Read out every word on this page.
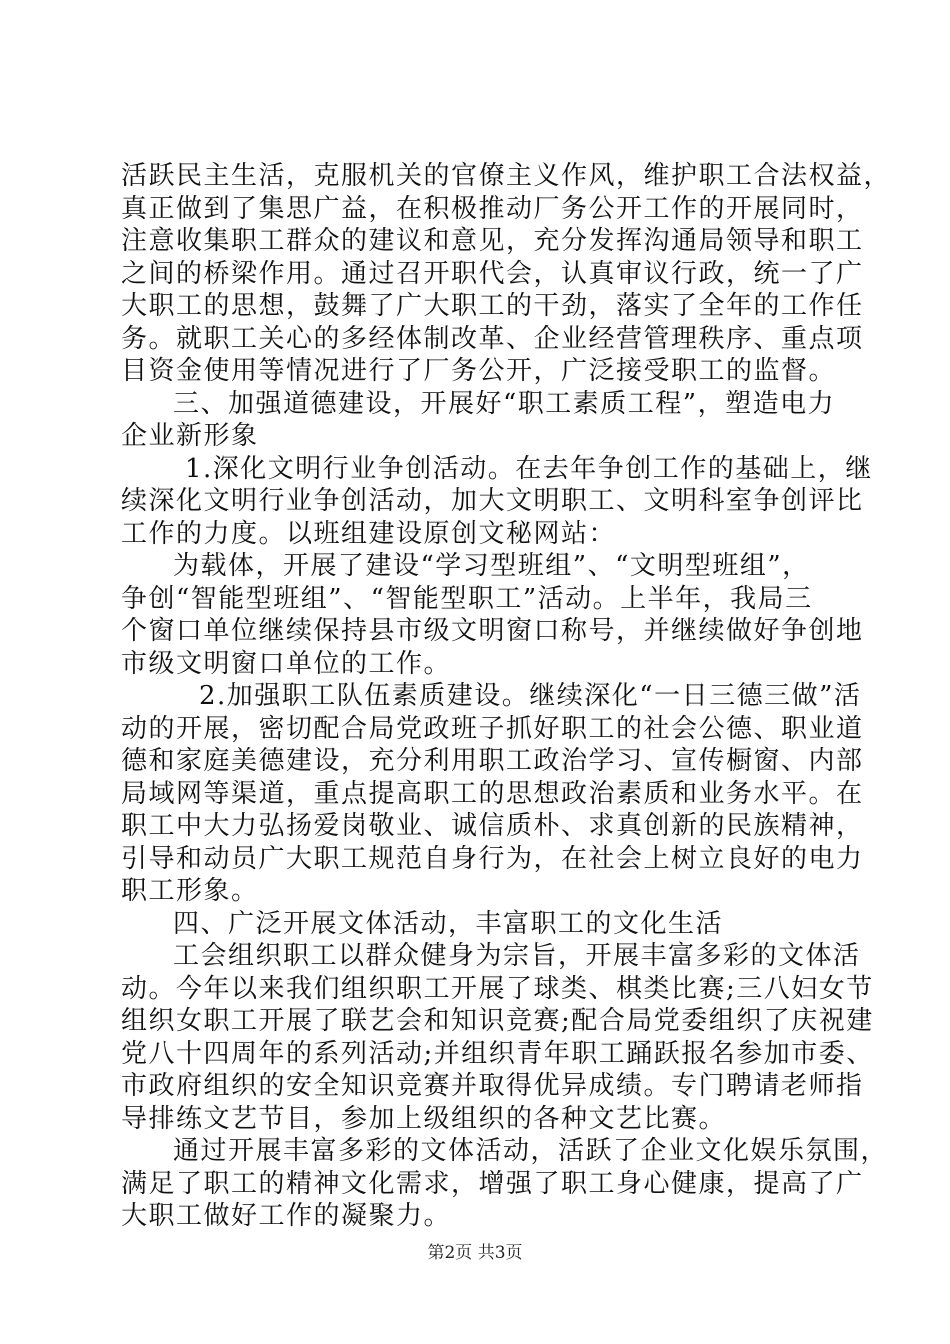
活跃民主生活，克服机关的官僚主义作风，维护职工合法权益，
真正做到了集思广益，在积极推动厂务公开工作的开展同时，
注意收集职工群众的建议和意见，充分发挥沟通局领导和职工
之间的桥梁作用。通过召开职代会，认真审议行政，统一了广
大职工的思想，鼓舞了广大职工的干劲，落实了全年的工作任
务。就职工关心的多经体制改革、企业经营管理秩序、重点项
目资金使用等情况进行了厂务公开，广泛接受职工的监督。
三、加强道德建设，开展好“职工素质工程”，塑造电力
企业新形象
1.深化文明行业争创活动。在去年争创工作的基础上，继
续深化文明行业争创活动，加大文明职工、文明科室争创评比
工作的力度。以班组建设原创文秘网站：
为载体，开展了建设“学习型班组”、“文明型班组”，
争创“智能型班组”、“智能型职工”活动。上半年，我局三
个窗口单位继续保持县市级文明窗口称号，并继续做好争创地
市级文明窗口单位的工作。
2.加强职工队伍素质建设。继续深化“一日三德三做”活
动的开展，密切配合局党政班子抓好职工的社会公德、职业道
德和家庭美德建设，充分利用职工政治学习、宣传橱窗、内部
局域网等渠道，重点提高职工的思想政治素质和业务水平。在
职工中大力弘扬爱岗敬业、诚信质朴、求真创新的民族精神，
引导和动员广大职工规范自身行为，在社会上树立良好的电力
职工形象。
四、广泛开展文体活动，丰富职工的文化生活
工会组织职工以群众健身为宗旨，开展丰富多彩的文体活
动。今年以来我们组织职工开展了球类、棋类比赛;三八妇女节
组织女职工开展了联艺会和知识竞赛;配合局党委组织了庆祝建
党八十四周年的系列活动;并组织青年职工踊跃报名参加市委、
市政府组织的安全知识竞赛并取得优异成绩。专门聘请老师指
导排练文艺节目，参加上级组织的各种文艺比赛。
通过开展丰富多彩的文体活动，活跃了企业文化娱乐氛围，
满足了职工的精神文化需求，增强了职工身心健康，提高了广
大职工做好工作的凝聚力。
第2页 共3页
